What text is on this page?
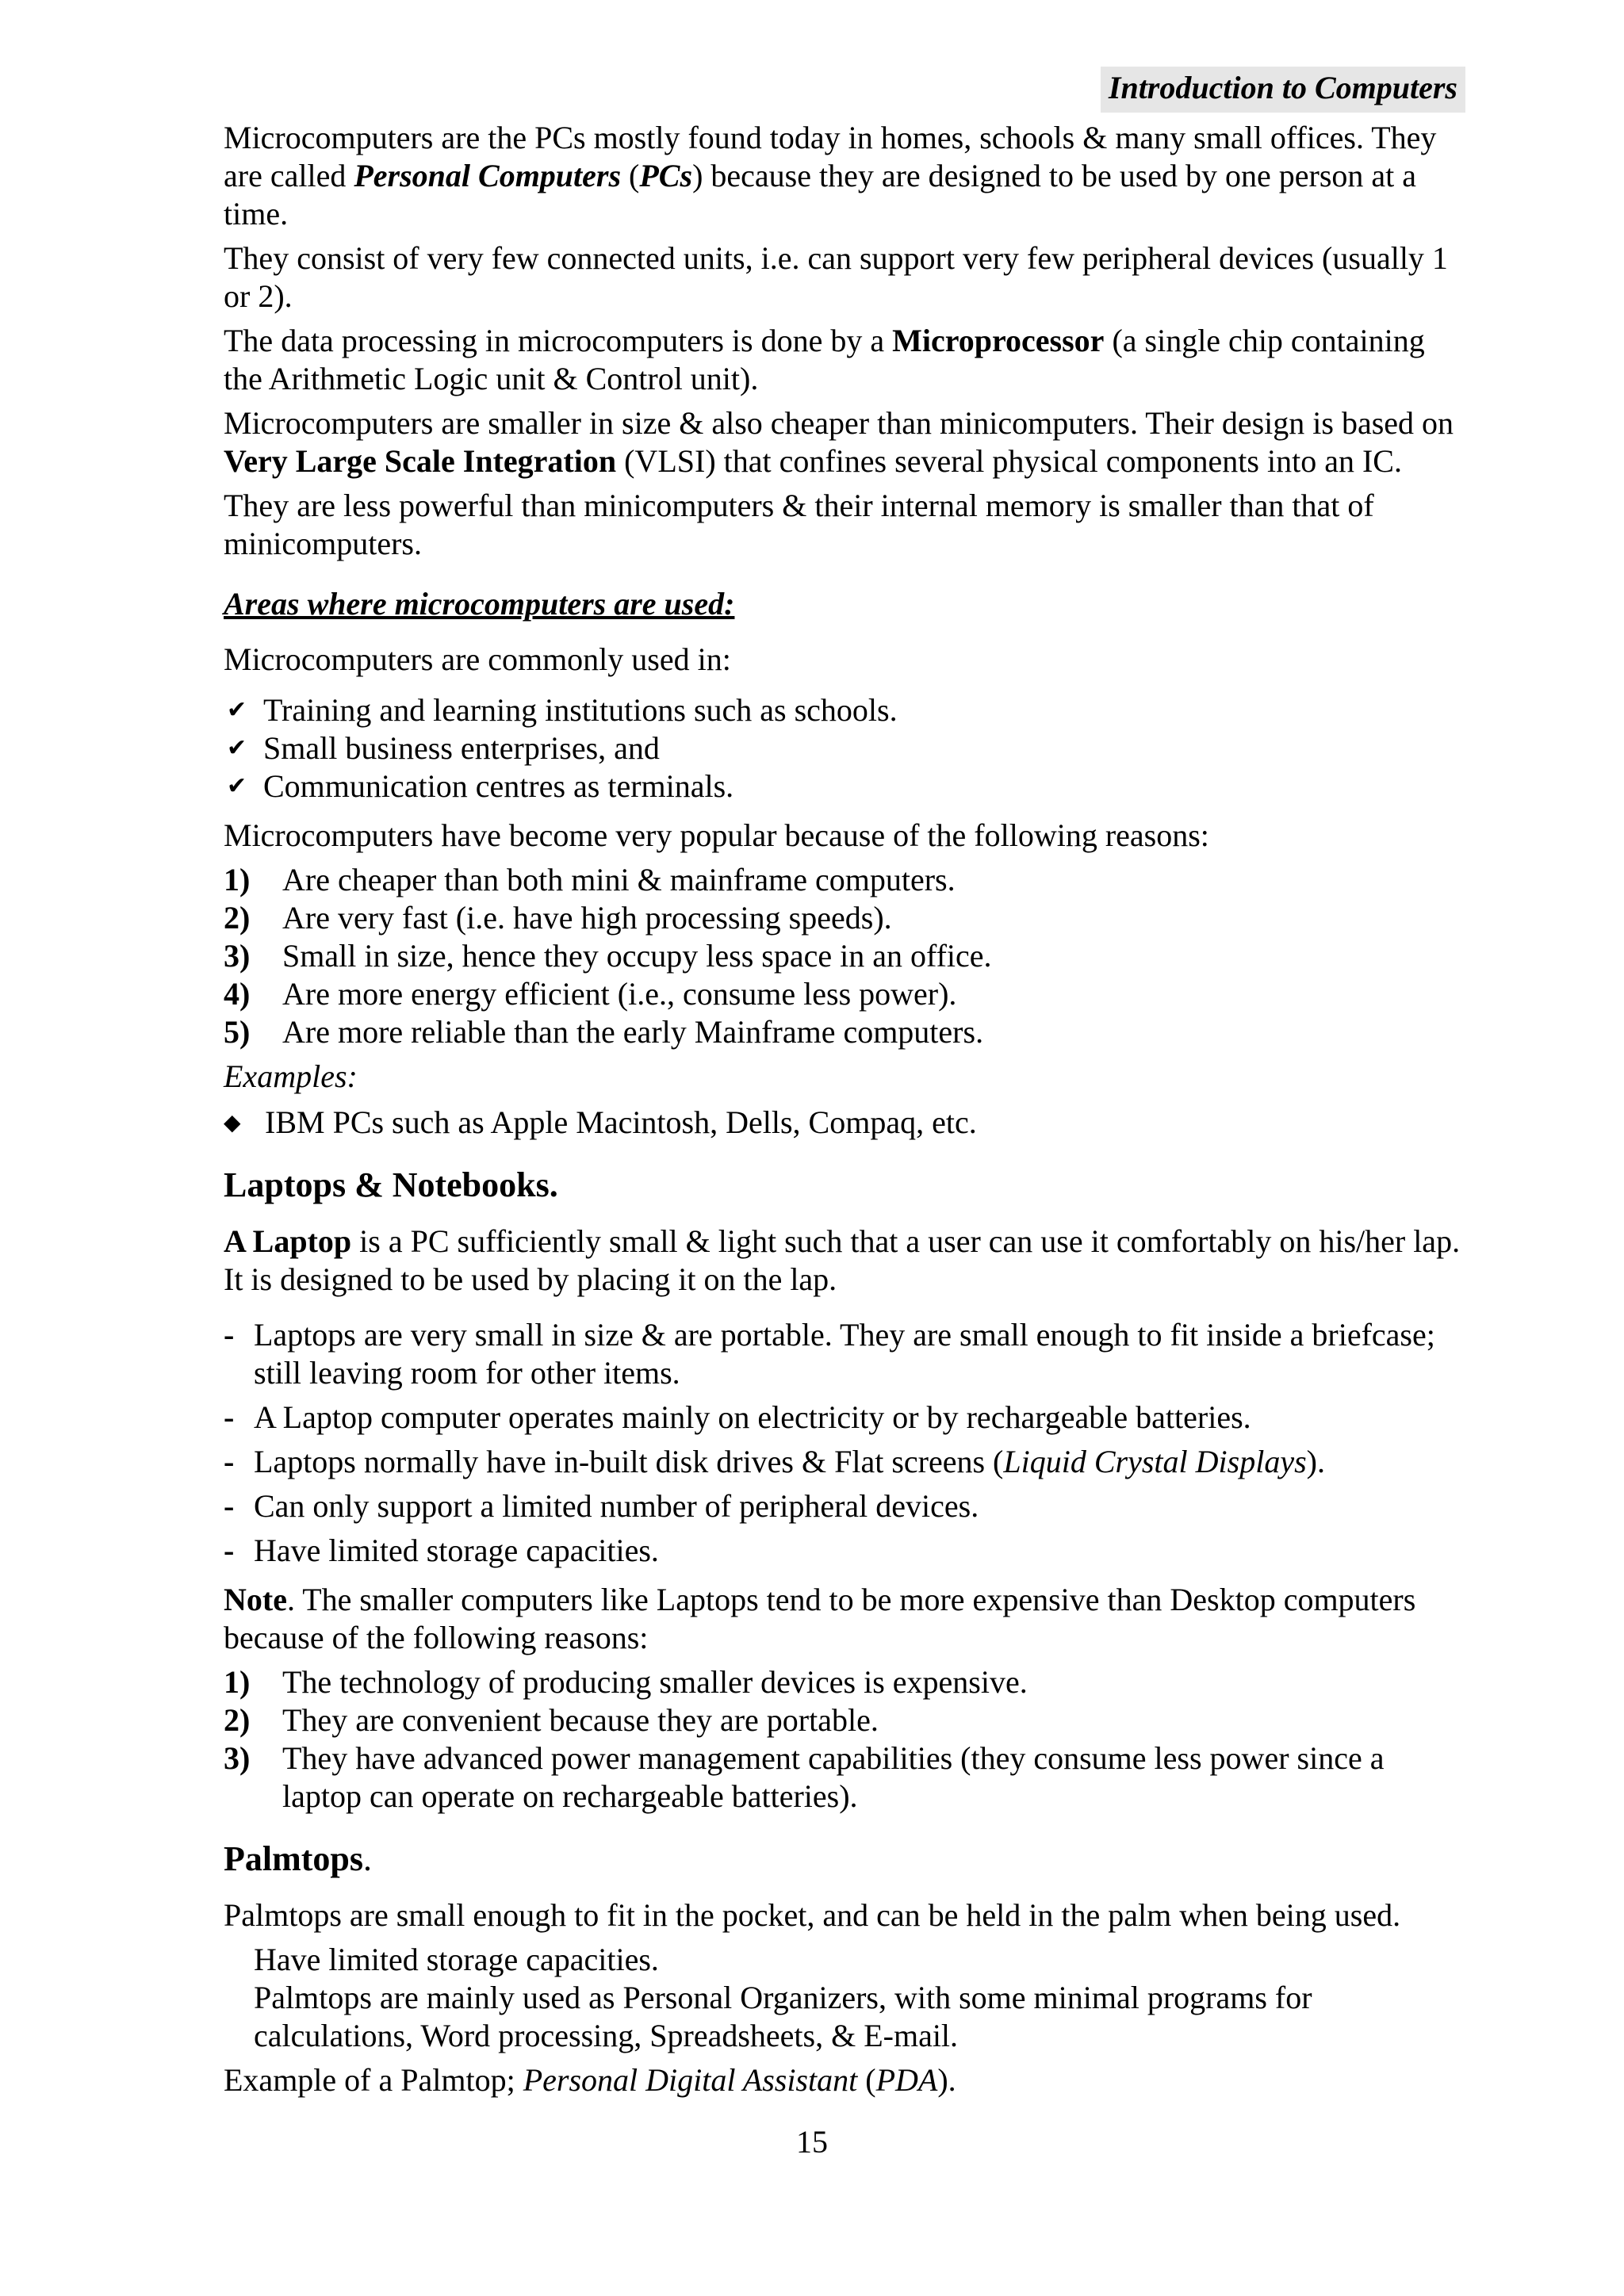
Introduction to Computers

Microcomputers are the PCs mostly found today in homes, schools & many small offices. They are called Personal Computers (PCs) because they are designed to be used by one person at a time.

They consist of very few connected units, i.e. can support very few peripheral devices (usually 1 or 2).

The data processing in microcomputers is done by a Microprocessor (a single chip containing the Arithmetic Logic unit & Control unit).

Microcomputers are smaller in size & also cheaper than minicomputers. Their design is based on Very Large Scale Integration (VLSI) that confines several physical components into an IC.

They are less powerful than minicomputers & their internal memory is smaller than that of minicomputers.

Areas where microcomputers are used:

Microcomputers are commonly used in:

✔ Training and learning institutions such as schools.
✔ Small business enterprises, and
✔ Communication centres as terminals.

Microcomputers have become very popular because of the following reasons:

1) Are cheaper than both mini & mainframe computers.
2) Are very fast (i.e. have high processing speeds).
3) Small in size, hence they occupy less space in an office.
4) Are more energy efficient (i.e., consume less power).
5) Are more reliable than the early Mainframe computers.

Examples:

◆ IBM PCs such as Apple Macintosh, Dells, Compaq, etc.
Laptops & Notebooks.

A Laptop is a PC sufficiently small & light such that a user can use it comfortably on his/her lap. It is designed to be used by placing it on the lap.

- Laptops are very small in size & are portable. They are small enough to fit inside a briefcase; still leaving room for other items.
- A Laptop computer operates mainly on electricity or by rechargeable batteries.
- Laptops normally have in-built disk drives & Flat screens (Liquid Crystal Displays).
- Can only support a limited number of peripheral devices.
- Have limited storage capacities.

Note. The smaller computers like Laptops tend to be more expensive than Desktop computers because of the following reasons:

1) The technology of producing smaller devices is expensive.
2) They are convenient because they are portable.
3) They have advanced power management capabilities (they consume less power since a laptop can operate on rechargeable batteries).
Palmtops.

Palmtops are small enough to fit in the pocket, and can be held in the palm when being used.

Have limited storage capacities.

Palmtops are mainly used as Personal Organizers, with some minimal programs for calculations, Word processing, Spreadsheets, & E-mail.

Example of a Palmtop; Personal Digital Assistant (PDA).

15
